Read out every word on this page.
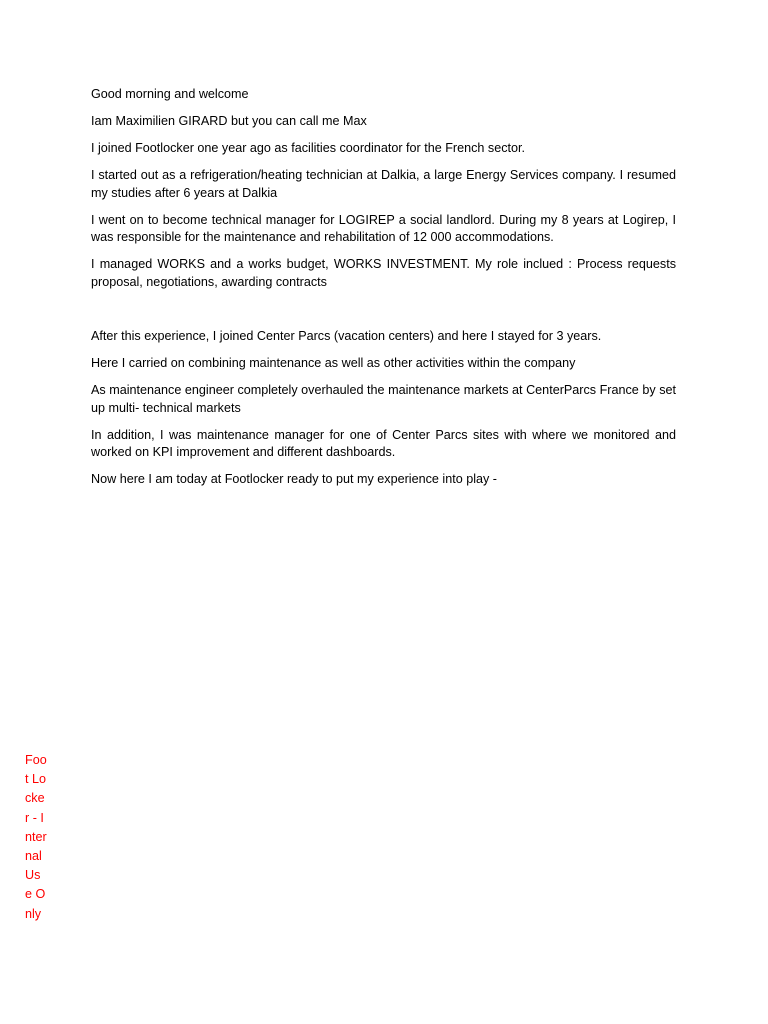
Good morning and welcome

Iam Maximilien GIRARD but you can call me Max

I joined Footlocker one year ago as facilities coordinator for the French sector.

I started out as a refrigeration/heating technician at Dalkia, a large Energy Services company. I resumed my studies after 6 years at Dalkia

I went on to become technical manager for LOGIREP a social landlord. During my 8 years at Logirep, I was responsible for the maintenance and rehabilitation of 12 000 accommodations.

I managed WORKS and a works budget, WORKS INVESTMENT. My role inclued : Process requests proposal, negotiations, awarding contracts

After this experience, I joined Center Parcs (vacation centers) and here I stayed for 3 years.

Here I carried on combining maintenance as well as other activities within the company

As maintenance engineer completely overhauled the maintenance markets at CenterParcs France by set up multi- technical markets

In addition, I was maintenance manager for one of Center Parcs sites with where we monitored and worked on KPI improvement and different dashboards.

Now here I am today at Footlocker ready to put my experience into play -

Foot Locker - Internal Use Only
